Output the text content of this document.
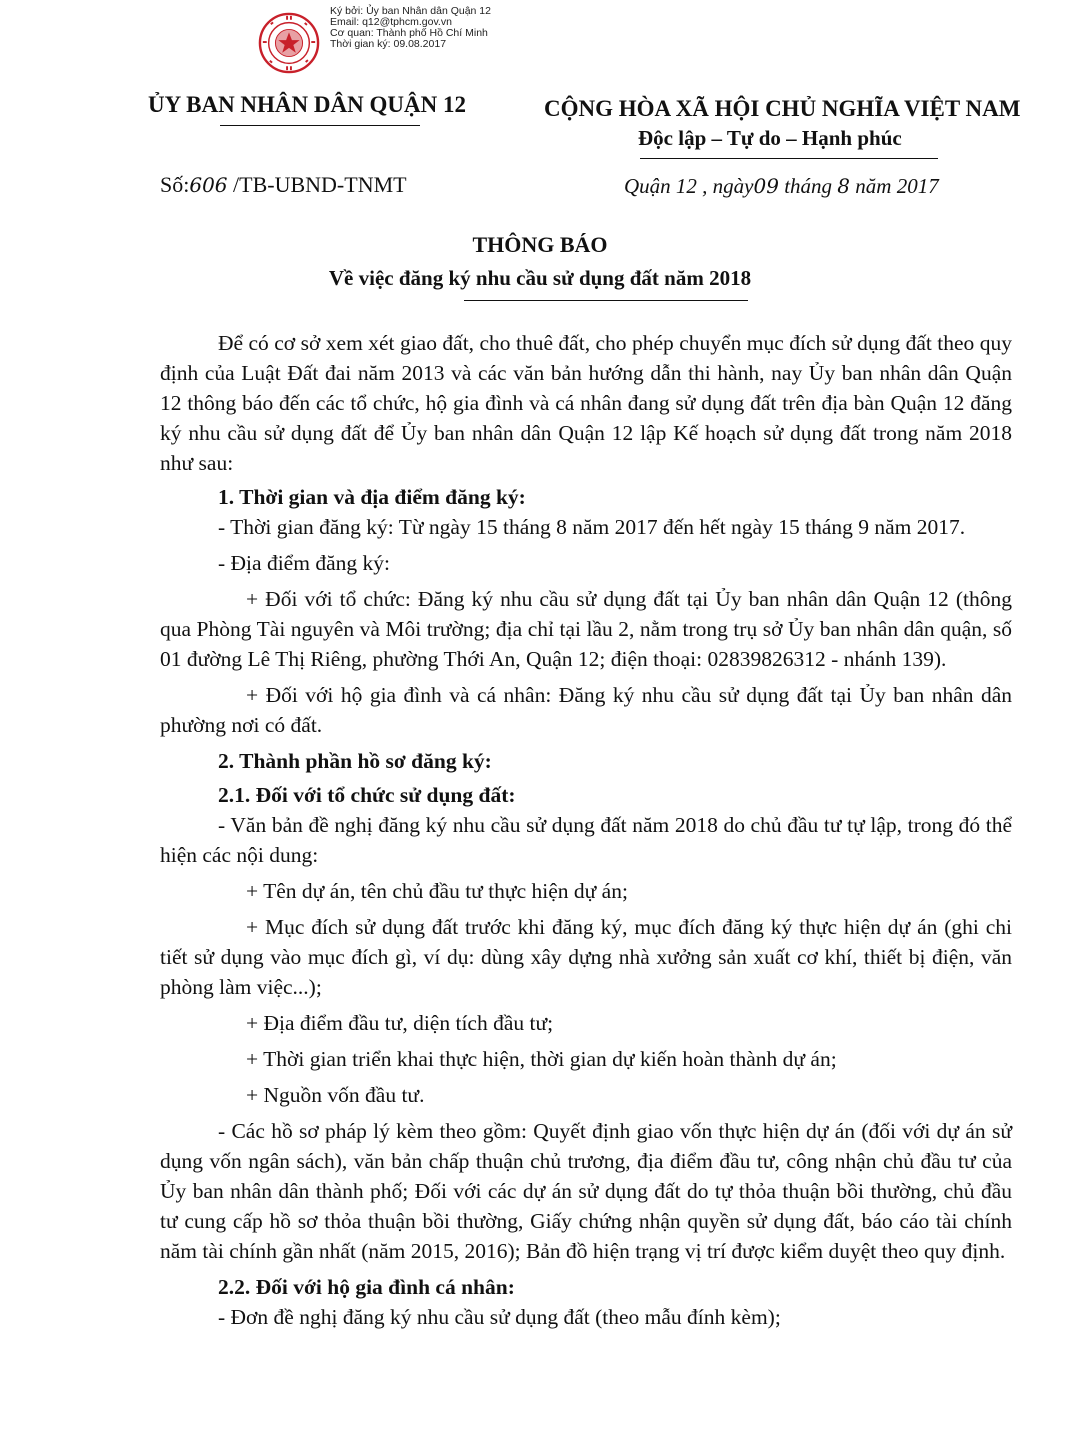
Ký bởi: Ủy ban Nhân dân Quận 12
Email: q12@tphcm.gov.vn
Cơ quan: Thành phố Hồ Chí Minh
Thời gian ký: 09.08.2017
ỦY BAN NHÂN DÂN QUẬN 12	CỘNG HÒA XÃ HỘI CHỦ NGHĨA VIỆT NAM
Độc lập – Tự do – Hạnh phúc
Số:606 /TB-UBND-TNMT	Quận 12 , ngày09 tháng 8 năm 2017
THÔNG BÁO
Về việc đăng ký nhu cầu sử dụng đất năm 2018

Để có cơ sở xem xét giao đất, cho thuê đất, cho phép chuyển mục đích sử dụng đất theo quy định của Luật Đất đai năm 2013 và các văn bản hướng dẫn thi hành, nay Ủy ban nhân dân Quận 12 thông báo đến các tổ chức, hộ gia đình và cá nhân đang sử dụng đất trên địa bàn Quận 12 đăng ký nhu cầu sử dụng đất để Ủy ban nhân dân Quận 12 lập Kế hoạch sử dụng đất trong năm 2018 như sau:

1. Thời gian và địa điểm đăng ký:

- Thời gian đăng ký: Từ ngày 15 tháng 8 năm 2017 đến hết ngày 15 tháng 9 năm 2017.

- Địa điểm đăng ký:

+ Đối với tổ chức: Đăng ký nhu cầu sử dụng đất tại Ủy ban nhân dân Quận 12 (thông qua Phòng Tài nguyên và Môi trường; địa chỉ tại lầu 2, nằm trong trụ sở Ủy ban nhân dân quận, số 01 đường Lê Thị Riêng, phường Thới An, Quận 12; điện thoại: 02839826312 - nhánh 139).

+ Đối với hộ gia đình và cá nhân: Đăng ký nhu cầu sử dụng đất tại Ủy ban nhân dân phường nơi có đất.

2. Thành phần hồ sơ đăng ký:

2.1. Đối với tổ chức sử dụng đất:

- Văn bản đề nghị đăng ký nhu cầu sử dụng đất năm 2018 do chủ đầu tư tự lập, trong đó thể hiện các nội dung:

+ Tên dự án, tên chủ đầu tư thực hiện dự án;

+ Mục đích sử dụng đất trước khi đăng ký, mục đích đăng ký thực hiện dự án (ghi chi tiết sử dụng vào mục đích gì, ví dụ: dùng xây dựng nhà xưởng sản xuất cơ khí, thiết bị điện, văn phòng làm việc...);

+ Địa điểm đầu tư, diện tích đầu tư;

+ Thời gian triển khai thực hiện, thời gian dự kiến hoàn thành dự án;

+ Nguồn vốn đầu tư.

- Các hồ sơ pháp lý kèm theo gồm: Quyết định giao vốn thực hiện dự án (đối với dự án sử dụng vốn ngân sách), văn bản chấp thuận chủ trương, địa điểm đầu tư, công nhận chủ đầu tư của Ủy ban nhân dân thành phố; Đối với các dự án sử dụng đất do tự thỏa thuận bồi thường, chủ đầu tư cung cấp hồ sơ thỏa thuận bồi thường, Giấy chứng nhận quyền sử dụng đất, báo cáo tài chính năm tài chính gần nhất (năm 2015, 2016); Bản đồ hiện trạng vị trí được kiểm duyệt theo quy định.

2.2. Đối với hộ gia đình cá nhân:

- Đơn đề nghị đăng ký nhu cầu sử dụng đất (theo mẫu đính kèm);
